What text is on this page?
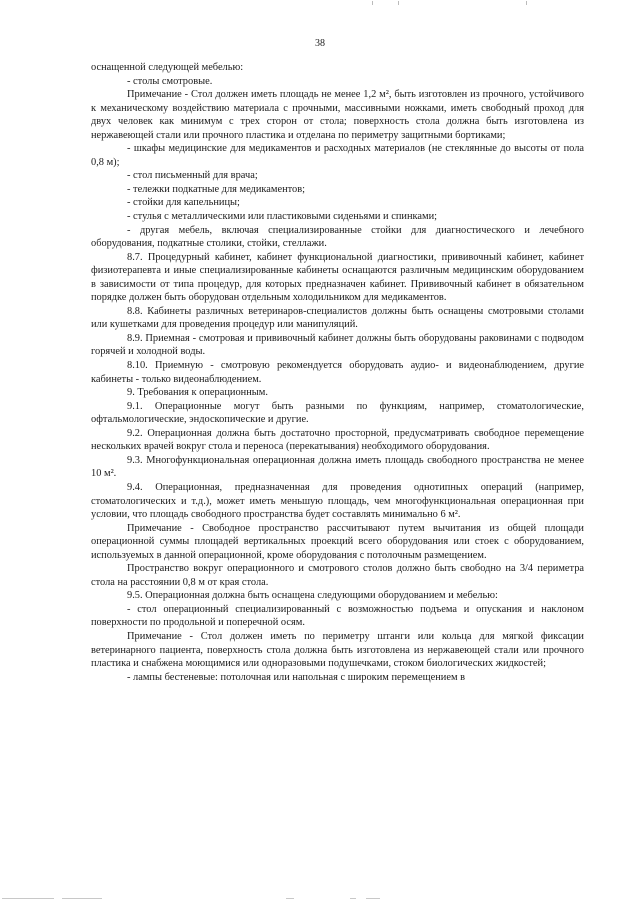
38

оснащенной следующей мебелью:

- столы смотровые.

Примечание - Стол должен иметь площадь не менее 1,2 м², быть изготовлен из прочного, устойчивого к механическому воздействию материала с прочными, массивными ножками, иметь свободный проход для двух человек как минимум с трех сторон от стола; поверхность стола должна быть изготовлена из нержавеющей стали или прочного пластика и отделана по периметру защитными бортиками;

- шкафы медицинские для медикаментов и расходных материалов (не стеклянные до высоты от пола 0,8 м);

- стол письменный для врача;

- тележки подкатные для медикаментов;

- стойки для капельницы;

- стулья с металлическими или пластиковыми сиденьями и спинками;

- другая мебель, включая специализированные стойки для диагностического и лечебного оборудования, подкатные столики, стойки, стеллажи.

8.7. Процедурный кабинет, кабинет функциональной диагностики, прививочный кабинет, кабинет физиотерапевта и иные специализированные кабинеты оснащаются различным медицинским оборудованием в зависимости от типа процедур, для которых предназначен кабинет. Прививочный кабинет в обязательном порядке должен быть оборудован отдельным холодильником для медикаментов.

8.8. Кабинеты различных ветеринаров-специалистов должны быть оснащены смотровыми столами или кушетками для проведения процедур или манипуляций.

8.9. Приемная - смотровая и прививочный кабинет должны быть оборудованы раковинами с подводом горячей и холодной воды.

8.10. Приемную - смотровую рекомендуется оборудовать аудио- и видеонаблюдением, другие кабинеты - только видеонаблюдением.

9. Требования к операционным.

9.1. Операционные могут быть разными по функциям, например, стоматологические, офтальмологические, эндоскопические и другие.

9.2. Операционная должна быть достаточно просторной, предусматривать свободное перемещение нескольких врачей вокруг стола и переноса (перекатывания) необходимого оборудования.

9.3. Многофункциональная операционная должна иметь площадь свободного пространства не менее 10 м².

9.4. Операционная, предназначенная для проведения однотипных операций (например, стоматологических и т.д.), может иметь меньшую площадь, чем многофункциональная операционная при условии, что площадь свободного пространства будет составлять минимально 6 м².

Примечание - Свободное пространство рассчитывают путем вычитания из общей площади операционной суммы площадей вертикальных проекций всего оборудования или стоек с оборудованием, используемых в данной операционной, кроме оборудования с потолочным размещением.

Пространство вокруг операционного и смотрового столов должно быть свободно на 3/4 периметра стола на расстоянии 0,8 м от края стола.

9.5. Операционная должна быть оснащена следующими оборудованием и мебелью:

- стол операционный специализированный с возможностью подъема и опускания и наклоном поверхности по продольной и поперечной осям.

Примечание - Стол должен иметь по периметру штанги или кольца для мягкой фиксации ветеринарного пациента, поверхность стола должна быть изготовлена из нержавеющей стали или прочного пластика и снабжена моющимися или одноразовыми подушечками, стоком биологических жидкостей;

- лампы бестеневые: потолочная или напольная с широким перемещением в
